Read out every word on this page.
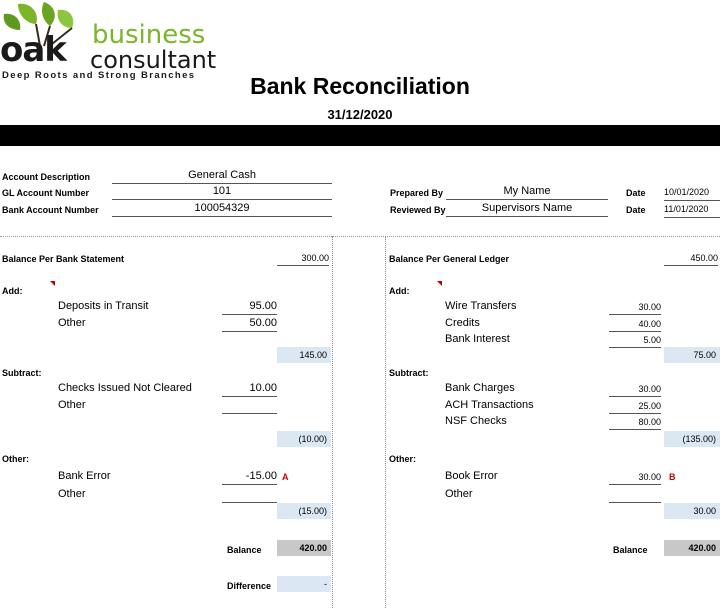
oak business
consultant
Deep Roots and Strong Branches	Bank Reconciliation
31/12/2020
Account Description	General Cash
GL Account Number	101
Bank Account Number	100054329
Prepared By	My Name	Date 10/01/2020
Reviewed By	Supervisors Name	Date 11/01/2020
Balance Per Bank Statement	300.00
Add:
Deposits in Transit	95.00
Other	50.00
145.00
Subtract:
Checks Issued Not Cleared	10.00
Other
(10.00)
Other:
Bank Error	-15.00 A
Other
(15.00)
Balance	420.00
Difference	-
Balance Per General Ledger	450.00
Add:
Wire Transfers	30.00
Credits	40.00
Bank Interest	5.00
75.00
Subtract:
Bank Charges	30.00
ACH Transactions	25.00
NSF Checks	80.00
(135.00)
Other:
Book Error	30.00 B
Other
30.00
Balance	420.00
